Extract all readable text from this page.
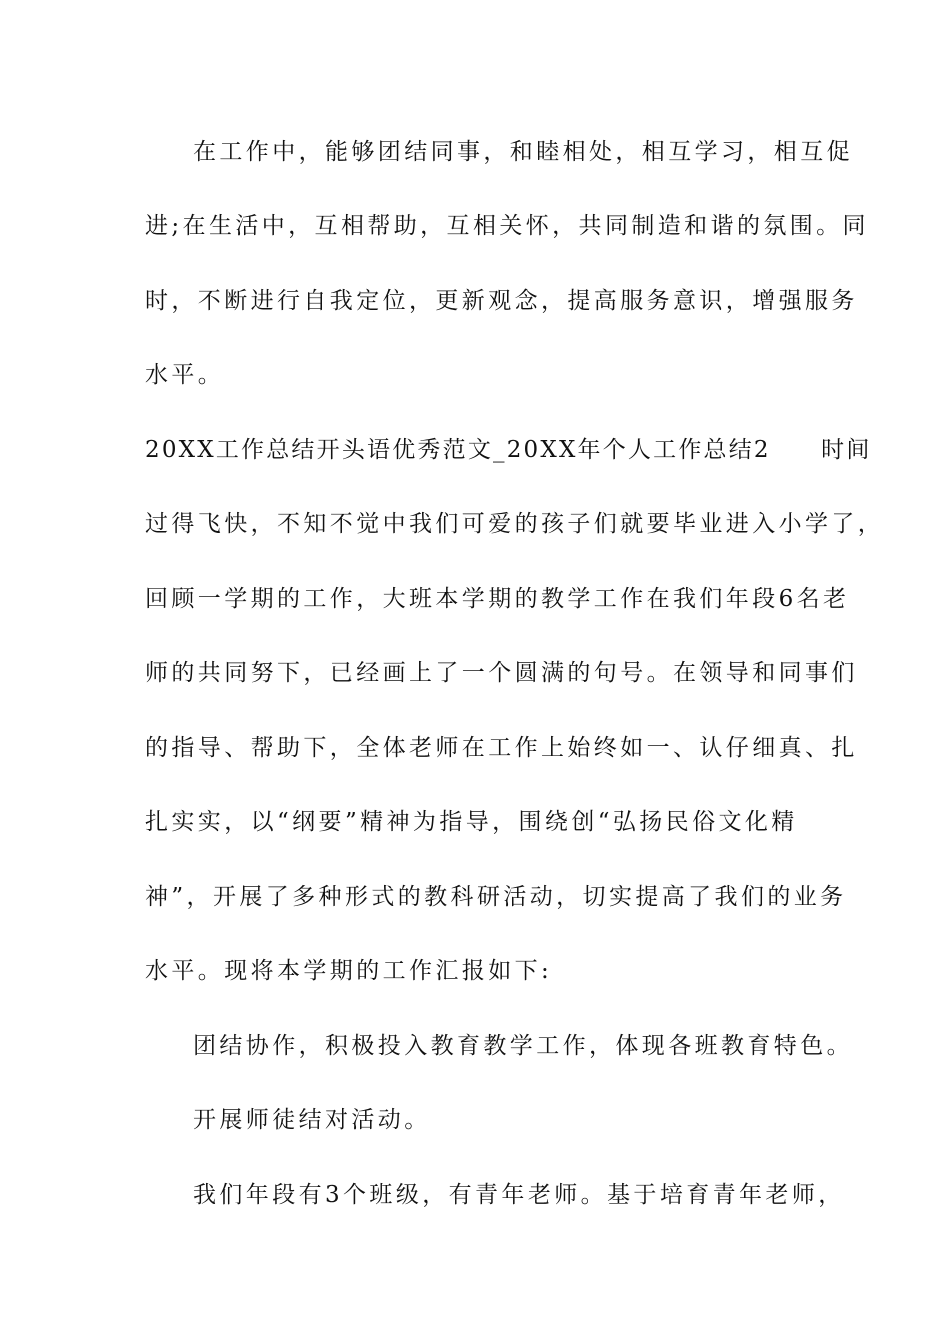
在工作中，能够团结同事，和睦相处，相互学习，相互促
进;在生活中，互相帮助，互相关怀，共同制造和谐的氛围。同
时，不断进行自我定位，更新观念，提高服务意识，增强服务
水平。
20XX工作总结开头语优秀范文_20XX年个人工作总结2　　时间
过得飞快，不知不觉中我们可爱的孩子们就要毕业进入小学了，
回顾一学期的工作，大班本学期的教学工作在我们年段6名老
师的共同努下，已经画上了一个圆满的句号。在领导和同事们
的指导、帮助下，全体老师在工作上始终如一、认仔细真、扎
扎实实，以“纲要”精神为指导，围绕创“弘扬民俗文化精
神”，开展了多种形式的教科研活动，切实提高了我们的业务
水平。现将本学期的工作汇报如下:
团结协作，积极投入教育教学工作，体现各班教育特色。
开展师徒结对活动。
我们年段有3个班级，有青年老师。基于培育青年老师，
